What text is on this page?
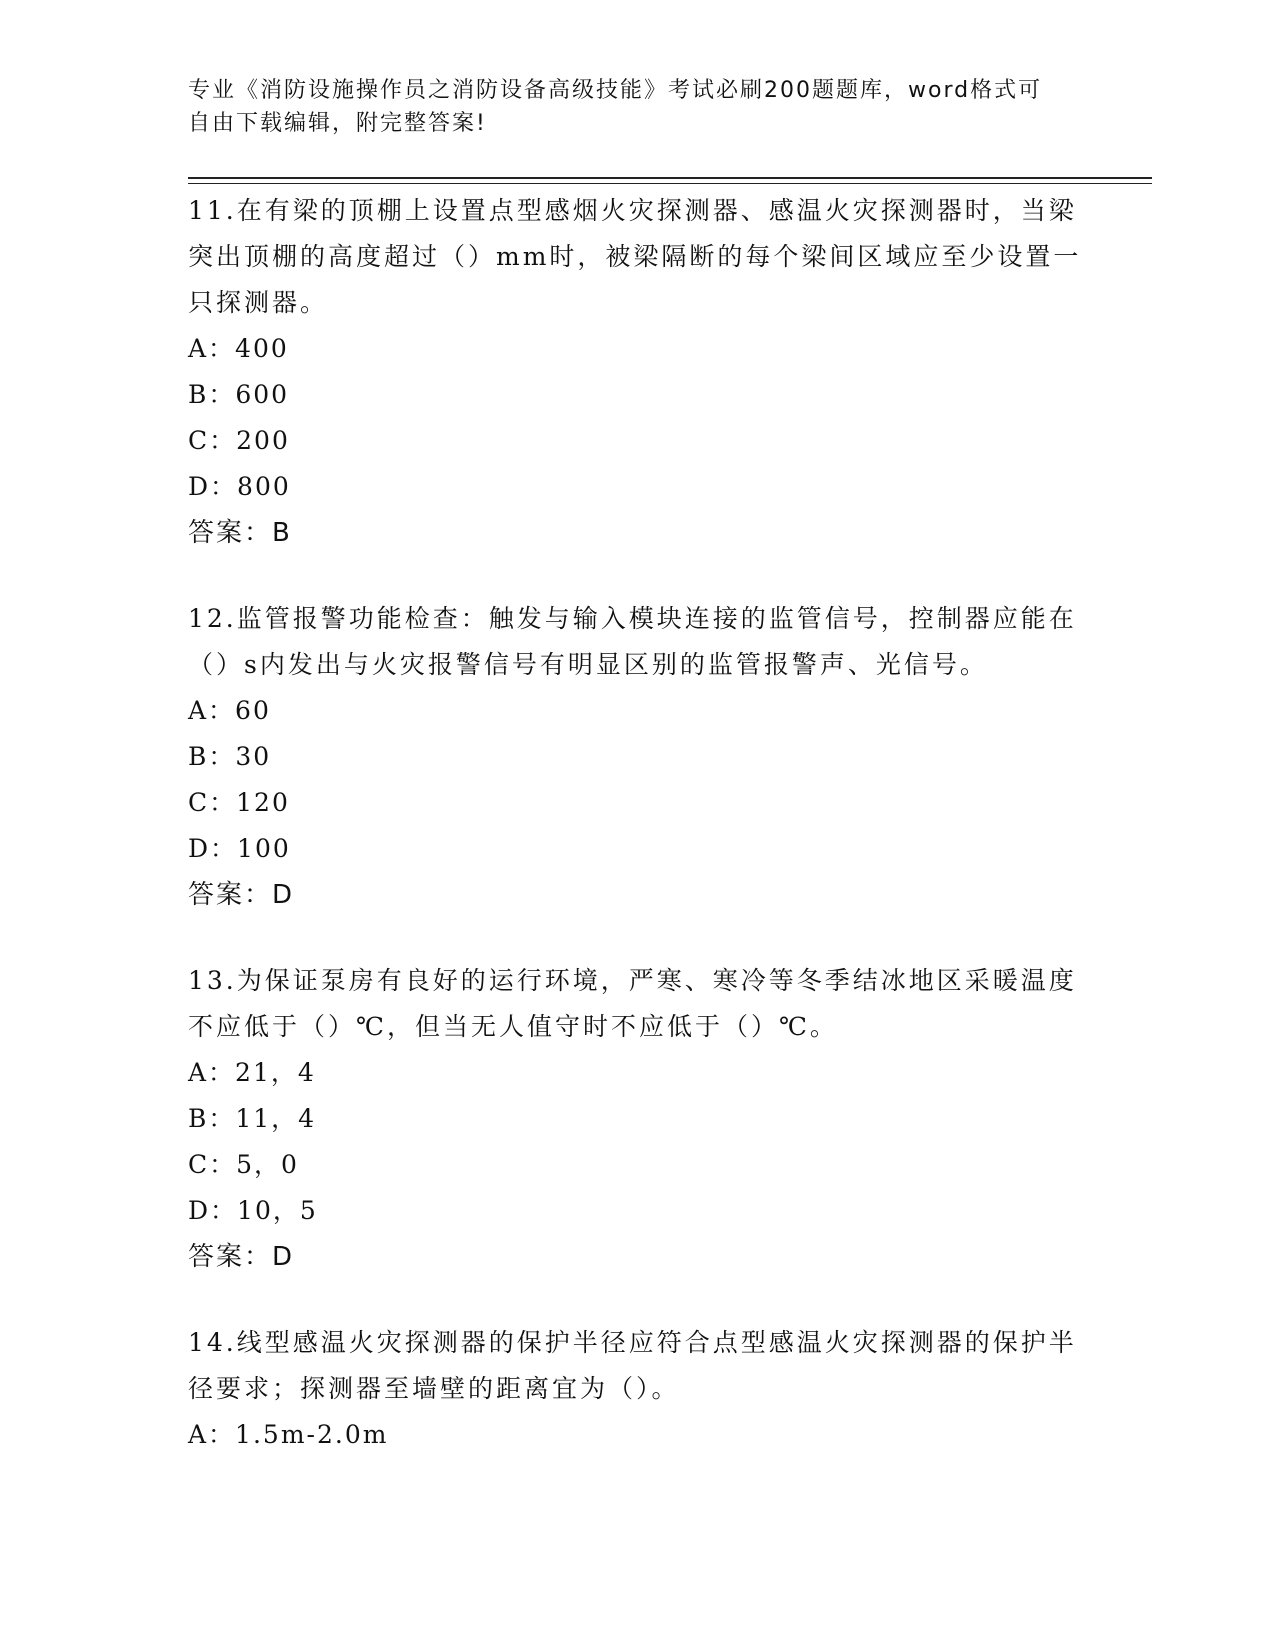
专业《消防设施操作员之消防设备高级技能》考试必刷200题题库，word格式可
自由下载编辑，附完整答案!
11.在有梁的顶棚上设置点型感烟火灾探测器、感温火灾探测器时，当梁突出顶棚的高度超过（）mm时，被梁隔断的每个梁间区域应至少设置一只探测器。
A：400
B：600
C：200
D：800
答案：B
12.监管报警功能检查：触发与输入模块连接的监管信号，控制器应能在（）s内发出与火灾报警信号有明显区别的监管报警声、光信号。
A：60
B：30
C：120
D：100
答案：D
13.为保证泵房有良好的运行环境，严寒、寒冷等冬季结冰地区采暖温度不应低于（）℃，但当无人值守时不应低于（）℃。
A：21，4
B：11，4
C：5，0
D：10，5
答案：D
14.线型感温火灾探测器的保护半径应符合点型感温火灾探测器的保护半径要求；探测器至墙壁的距离宜为（）。
A：1.5m-2.0m
